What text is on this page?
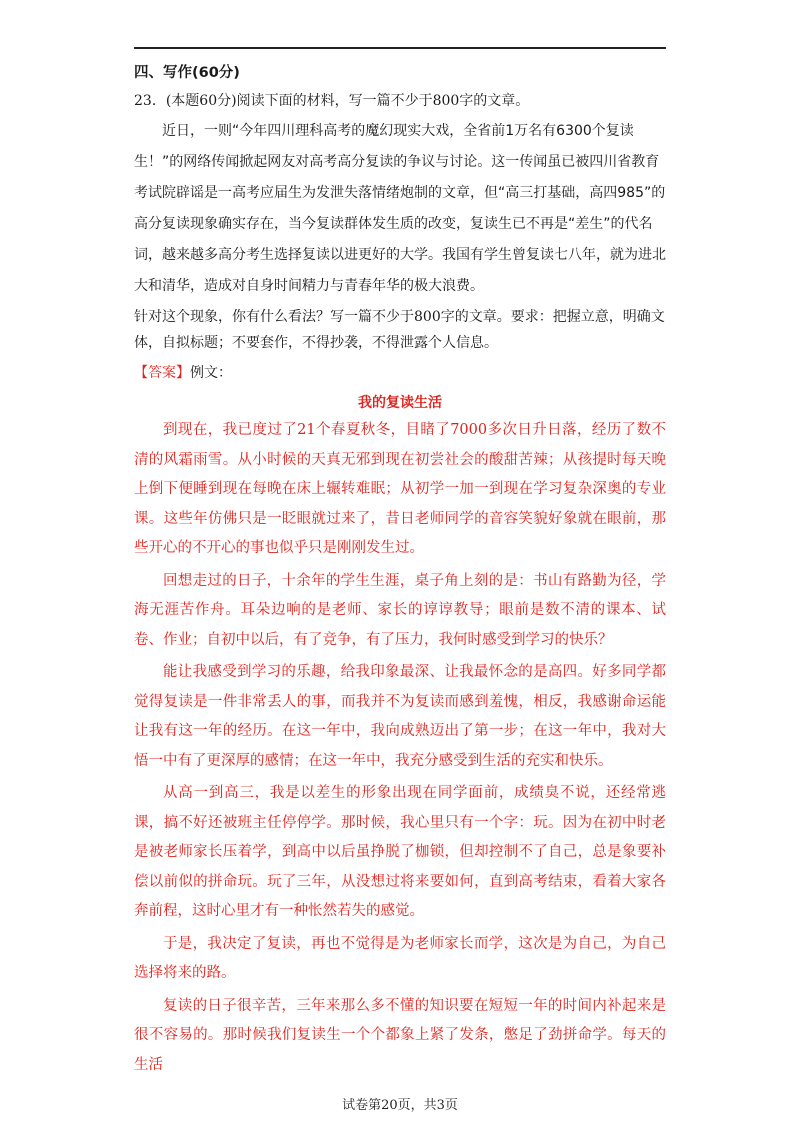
四、写作(60分)

23．(本题60分)阅读下面的材料，写一篇不少于800字的文章。

近日，一则“今年四川理科高考的魔幻现实大戏，全省前1万名有6300个复读生！”的网络传闻掀起网友对高考高分复读的争议与讨论。这一传闻虽已被四川省教育考试院辟谣是一高考应届生为发泄失落情绪炮制的文章，但“高三打基础，高四985”的高分复读现象确实存在，当今复读群体发生质的改变，复读生已不再是“差生”的代名词，越来越多高分考生选择复读以进更好的大学。我国有学生曾复读七八年，就为进北大和清华，造成对自身时间精力与青春年华的极大浪费。

针对这个现象，你有什么看法？写一篇不少于800字的文章。要求：把握立意，明确文体，自拟标题；不要套作，不得抄袭，不得泄露个人信息。

【答案】例文：

我的复读生活

到现在，我已度过了21个春夏秋冬，目睹了7000多次日升日落，经历了数不清的风霜雨雪。从小时候的天真无邪到现在初尝社会的酸甜苦辣；从孩提时每天晚上倒下便睡到现在每晚在床上辗转难眠；从初学一加一到现在学习复杂深奥的专业课。这些年仿佛只是一眨眼就过来了，昔日老师同学的音容笑貌好象就在眼前，那些开心的不开心的事也似乎只是刚刚发生过。

回想走过的日子，十余年的学生生涯，桌子角上刻的是：书山有路勤为径，学海无涯苦作舟。耳朵边响的是老师、家长的谆谆教导；眼前是数不清的课本、试卷、作业；自初中以后，有了竞争，有了压力，我何时感受到学习的快乐？

能让我感受到学习的乐趣，给我印象最深、让我最怀念的是高四。好多同学都觉得复读是一件非常丢人的事，而我并不为复读而感到羞愧，相反，我感谢命运能让我有这一年的经历。在这一年中，我向成熟迈出了第一步；在这一年中，我对大悟一中有了更深厚的感情；在这一年中，我充分感受到生活的充实和快乐。

从高一到高三，我是以差生的形象出现在同学面前，成绩臭不说，还经常逃课，搞不好还被班主任停停学。那时候，我心里只有一个字：玩。因为在初中时老是被老师家长压着学，到高中以后虽挣脱了枷锁，但却控制不了自己，总是象要补偿以前似的拼命玩。玩了三年，从没想过将来要如何，直到高考结束，看着大家各奔前程，这时心里才有一种怅然若失的感觉。

于是，我决定了复读，再也不觉得是为老师家长而学，这次是为自己，为自己选择将来的路。

复读的日子很辛苦，三年来那么多不懂的知识要在短短一年的时间内补起来是很不容易的。那时候我们复读生一个个都象上紧了发条，憋足了劲拼命学。每天的生活

试卷第20页，共3页
